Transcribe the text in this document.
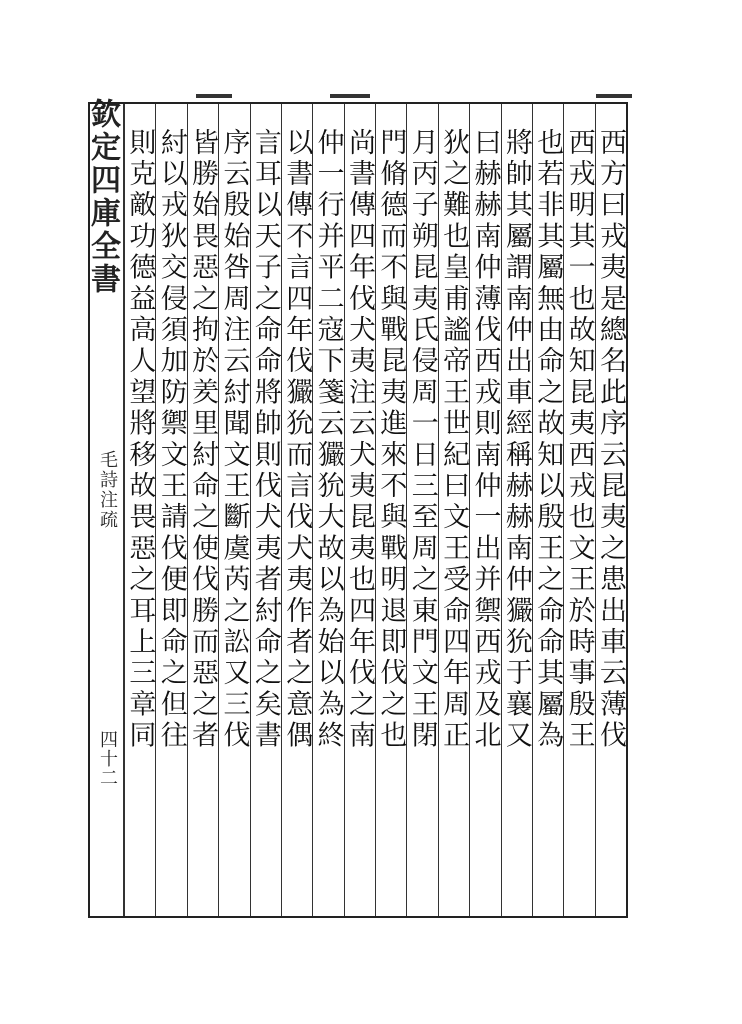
欽定四庫全書
毛詩注疏
四十二
西方曰戎夷是總名此序云昆夷之患出車云薄伐
西戎明其一也故知昆夷西戎也文王於時事殷王
也若非其屬無由命之故知以殷王之命命其屬為
將帥其屬謂南仲出車經稱赫赫南仲玁狁于襄又
曰赫赫南仲薄伐西戎則南仲一出并禦西戎及北
狄之難也皇甫謐帝王世紀曰文王受命四年周正
月丙子朔昆夷氏侵周一日三至周之東門文王閉
門脩德而不與戰昆夷進來不與戰明退即伐之也
尚書傳四年伐犬夷注云犬夷昆夷也四年伐之南
仲一行并平二寇下箋云玁狁大故以為始以為終
以書傳不言四年伐玁狁而言伐犬夷作者之意偶
言耳以天子之命命將帥則伐犬夷者紂命之矣書
序云殷始咎周注云紂聞文王斷虞芮之訟又三伐
皆勝始畏惡之拘於羑里紂命之使伐勝而惡之者
紂以戎狄交侵須加防禦文王請伐便即命之但往
則克敵功德益高人望將移故畏惡之耳上三章同
